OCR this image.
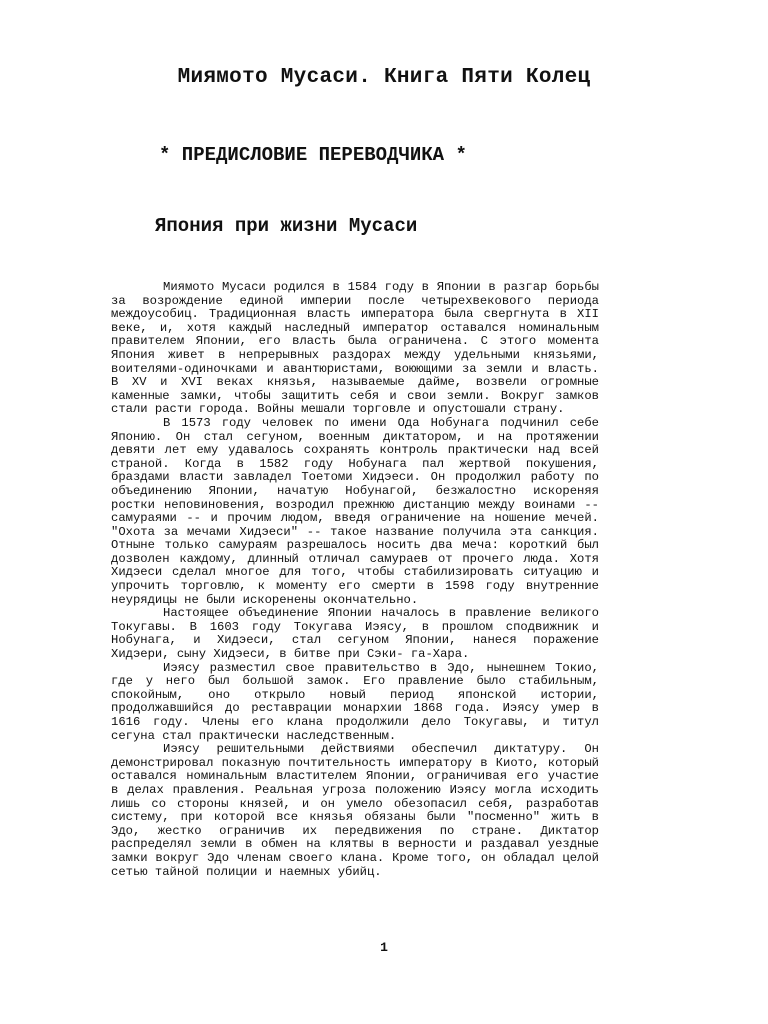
Миямото Мусаси. Книга Пяти Колец
* ПРЕДИСЛОВИЕ ПЕРЕВОДЧИКА *
Япония при жизни Мусаси

Миямото Мусаси родился в 1584 году в Японии в разгар борьбы за возрождение единой империи после четырехвекового периода междоусобиц. Традиционная власть императора была свергнута в XII веке, и, хотя каждый наследный император оставался номинальным правителем Японии, его власть была ограничена. С этого момента Япония живет в непрерывных раздорах между удельными князьями, воителями-одиночками и авантюристами, воюющими за земли и власть. В XV и XVI веках князья, называемые дайме, возвели огромные каменные замки, чтобы защитить себя и свои земли. Вокруг замков стали расти города. Войны мешали торговле и опустошали страну.

В 1573 году человек по имени Ода Нобунага подчинил себе Японию. Он стал сегуном, военным диктатором, и на протяжении девяти лет ему удавалось сохранять контроль практически над всей страной. Когда в 1582 году Нобунага пал жертвой покушения, браздами власти завладел Тоетоми Хидэеси. Он продолжил работу по объединению Японии, начатую Нобунагой, безжалостно искореняя ростки неповиновения, возродил прежнюю дистанцию между воинами -- самураями -- и прочим людом, введя ограничение на ношение мечей. "Охота за мечами Хидэеси" -- такое название получила эта санкция. Отныне только самураям разрешалось носить два меча: короткий был дозволен каждому, длинный отличал самураев от прочего люда. Хотя Хидэеси сделал многое для того, чтобы стабилизировать ситуацию и упрочить торговлю, к моменту его смерти в 1598 году внутренние неурядицы не были искоренены окончательно.

Настоящее объединение Японии началось в правление великого Токугавы. В 1603 году Токугава Иэясу, в прошлом сподвижник и Нобунага, и Хидэеси, стал сегуном Японии, нанеся поражение Хидэери, сыну Хидэеси, в битве при Сэки- га-Хара.

Иэясу разместил свое правительство в Эдо, нынешнем Токио, где у него был большой замок. Его правление было стабильным, спокойным, оно открыло новый период японской истории, продолжавшийся до реставрации монархии 1868 года. Иэясу умер в 1616 году. Члены его клана продолжили дело Токугавы, и титул сегуна стал практически наследственным.

Иэясу решительными действиями обеспечил диктатуру. Он демонстрировал показную почтительность императору в Киото, который оставался номинальным властителем Японии, ограничивая его участие в делах правления. Реальная угроза положению Иэясу могла исходить лишь со стороны князей, и он умело обезопасил себя, разработав систему, при которой все князья обязаны были "посменно" жить в Эдо, жестко ограничив их передвижения по стране. Диктатор распределял земли в обмен на клятвы в верности и раздавал уездные замки вокруг Эдо членам своего клана. Кроме того, он обладал целой сетью тайной полиции и наемных убийц.

1
